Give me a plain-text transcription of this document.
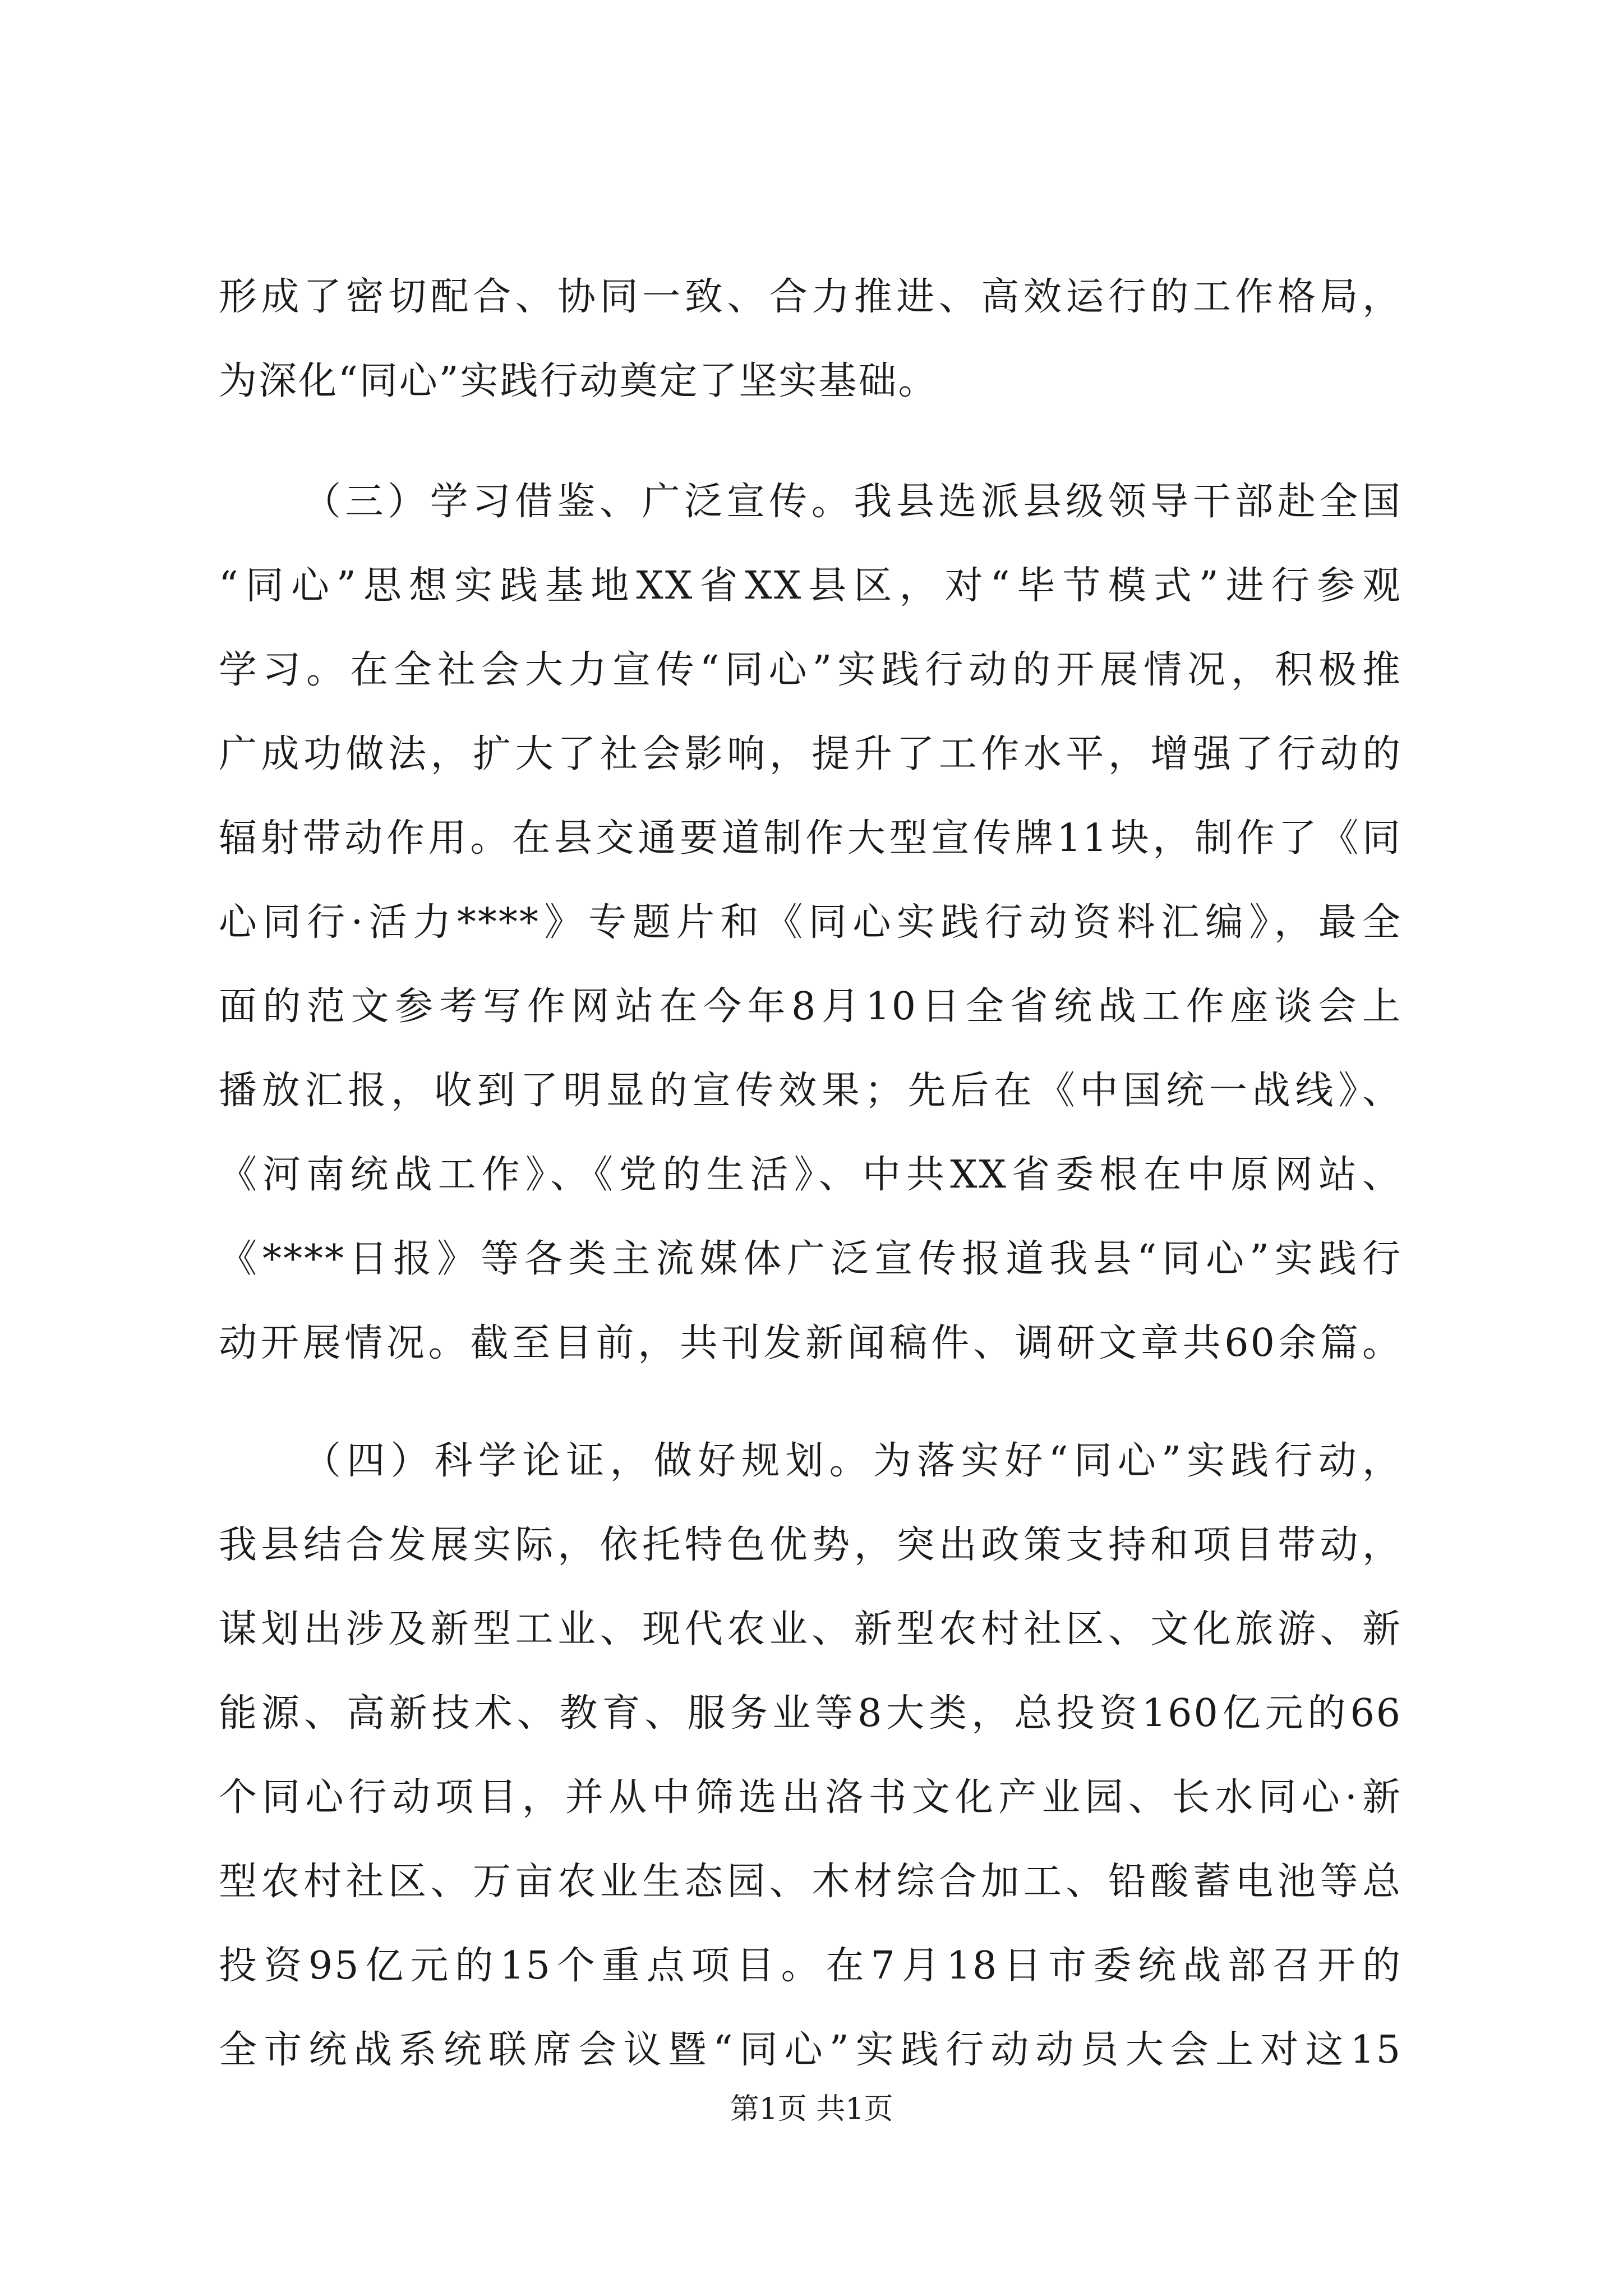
形成了密切配合、协同一致、合力推进、高效运行的工作格局，
为深化“同心”实践行动奠定了坚实基础。
（三）学习借鉴、广泛宣传。我县选派县级领导干部赴全国
“同心”思想实践基地XX省XX县区，对“毕节模式”进行参观
学习。在全社会大力宣传“同心”实践行动的开展情况，积极推
广成功做法，扩大了社会影响，提升了工作水平，增强了行动的
辐射带动作用。在县交通要道制作大型宣传牌11块，制作了《同
心同行·活力****》专题片和《同心实践行动资料汇编》，最全
面的范文参考写作网站在今年8月10日全省统战工作座谈会上
播放汇报，收到了明显的宣传效果；先后在《中国统一战线》、
《河南统战工作》、《党的生活》、中共XX省委根在中原网站、
《****日报》等各类主流媒体广泛宣传报道我县“同心”实践行
动开展情况。截至目前，共刊发新闻稿件、调研文章共60余篇。
（四）科学论证，做好规划。为落实好“同心”实践行动，
我县结合发展实际，依托特色优势，突出政策支持和项目带动，
谋划出涉及新型工业、现代农业、新型农村社区、文化旅游、新
能源、高新技术、教育、服务业等8大类，总投资160亿元的66
个同心行动项目，并从中筛选出洛书文化产业园、长水同心·新
型农村社区、万亩农业生态园、木材综合加工、铅酸蓄电池等总
投资95亿元的15个重点项目。在7月18日市委统战部召开的
全市统战系统联席会议暨“同心”实践行动动员大会上对这15
第1页 共1页
